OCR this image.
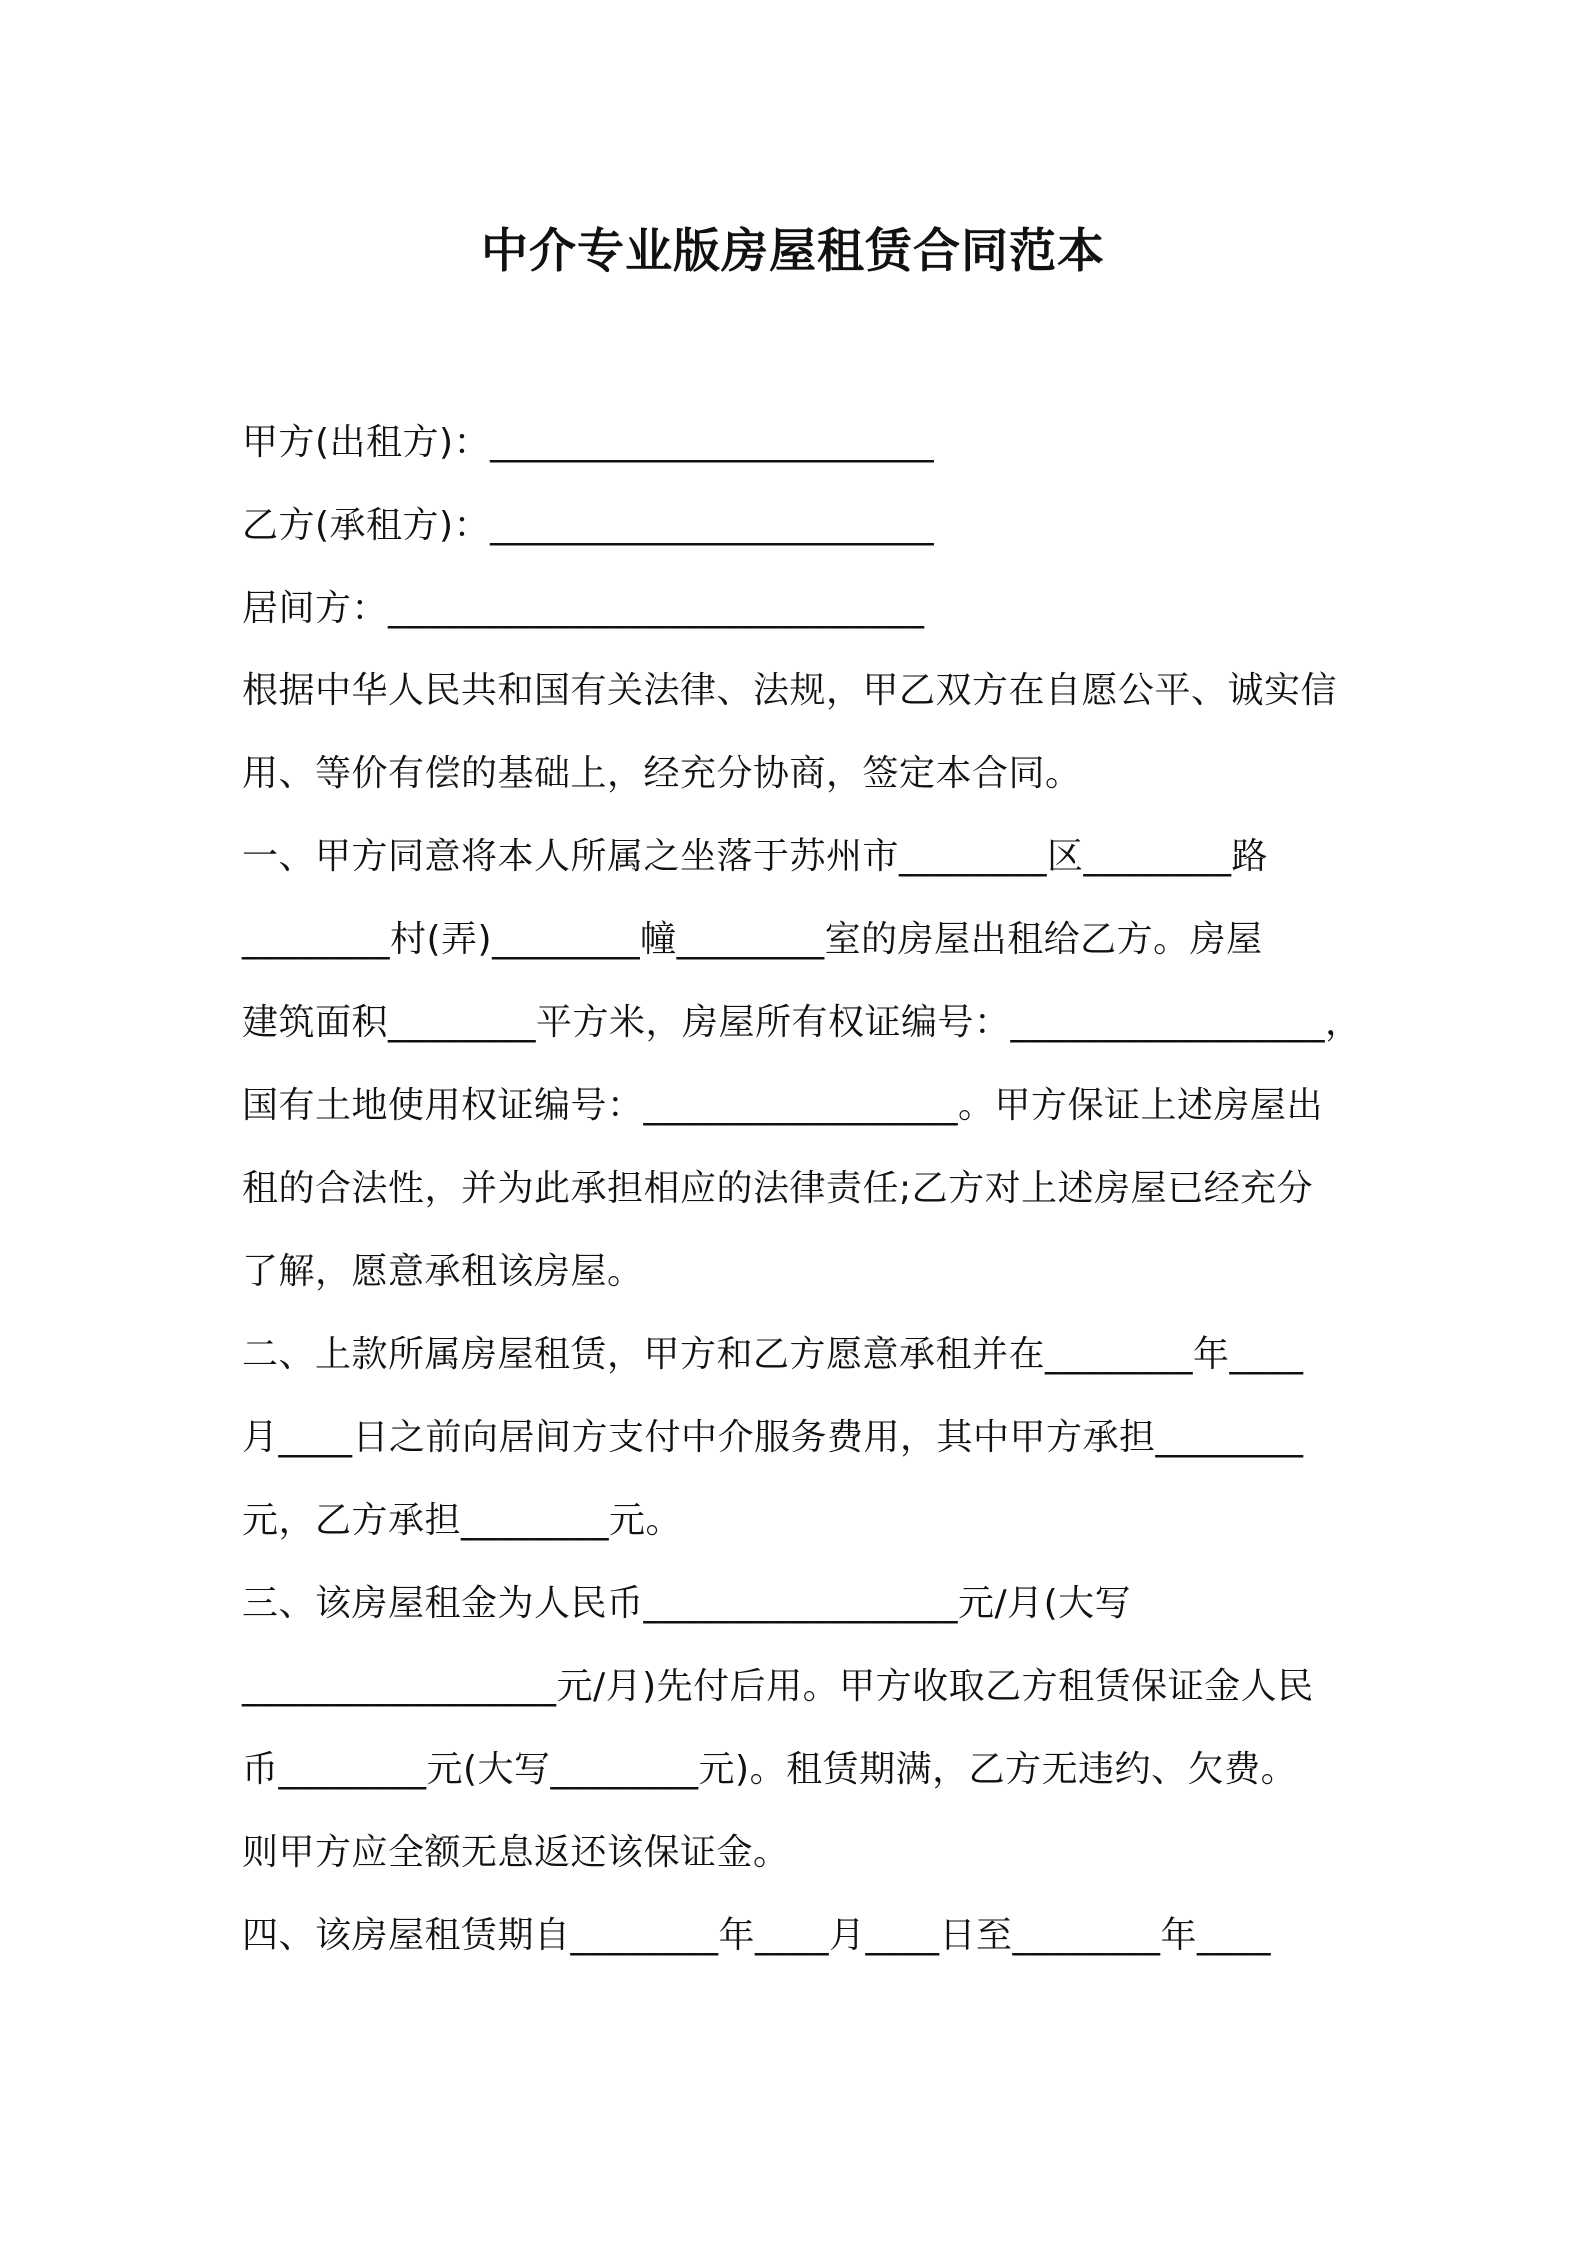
中介专业版房屋租赁合同范本
甲方(出租方)：________________________
乙方(承租方)：________________________
居间方：_____________________________
根据中华人民共和国有关法律、法规，甲乙双方在自愿公平、诚实信
用、等价有偿的基础上，经充分协商，签定本合同。
一、甲方同意将本人所属之坐落于苏州市________区________路
________村(弄)________幢________室的房屋出租给乙方。房屋
建筑面积________平方米，房屋所有权证编号：_________________，
国有土地使用权证编号：_________________。甲方保证上述房屋出
租的合法性，并为此承担相应的法律责任;乙方对上述房屋已经充分
了解，愿意承租该房屋。
二、上款所属房屋租赁，甲方和乙方愿意承租并在________年____
月____日之前向居间方支付中介服务费用，其中甲方承担________
元，乙方承担________元。
三、该房屋租金为人民币_________________元/月(大写
_________________元/月)先付后用。甲方收取乙方租赁保证金人民
币________元(大写________元)。租赁期满，乙方无违约、欠费。
则甲方应全额无息返还该保证金。
四、该房屋租赁期自________年____月____日至________年____
